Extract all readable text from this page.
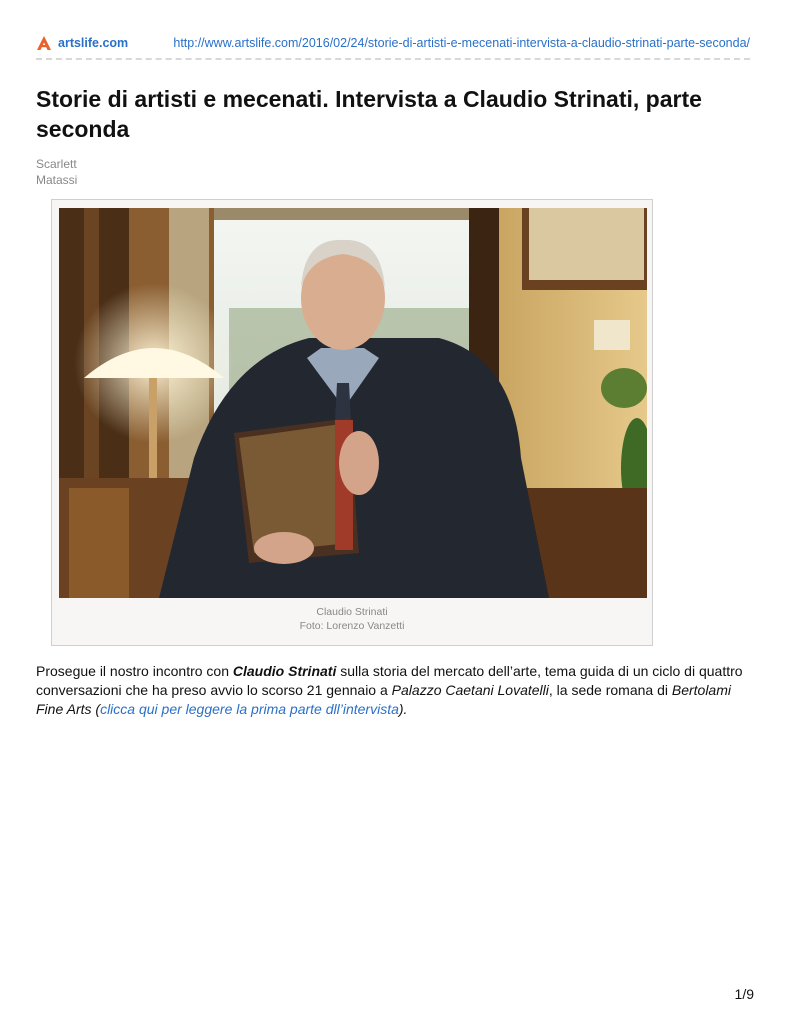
artslife.com	http://www.artslife.com/2016/02/24/storie-di-artisti-e-mecenati-intervista-a-claudio-strinati-parte-seconda/
Storie di artisti e mecenati. Intervista a Claudio Strinati, parte seconda
Scarlett
Matassi
Claudio Strinati
Foto: Lorenzo Vanzetti

Prosegue il nostro incontro con Claudio Strinati sulla storia del mercato dell’arte, tema guida di un ciclo di quattro conversazioni che ha preso avvio lo scorso 21 gennaio a Palazzo Caetani Lovatelli, la sede romana di Bertolami Fine Arts (clicca qui per leggere la prima parte dll’intervista).

1/9
